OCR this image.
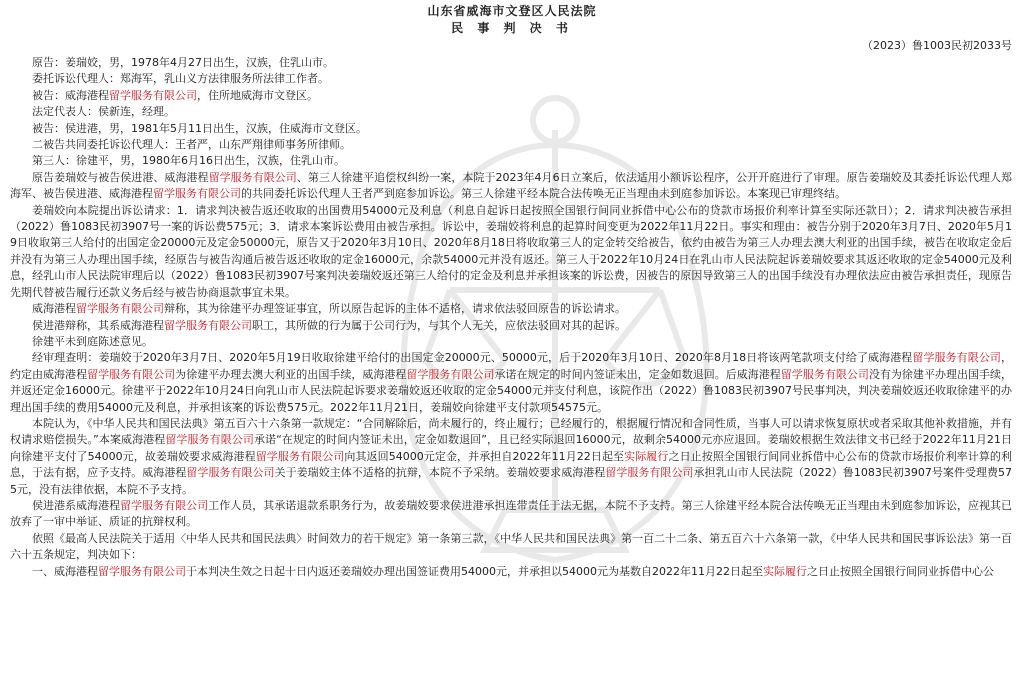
山东省威海市文登区人民法院
民 事 判 决 书
（2023）鲁1003民初2033号

原告：姜瑞姣，男，1978年4月27日出生，汉族，住乳山市。

委托诉讼代理人：郑海军，乳山义方法律服务所法律工作者。

被告：威海港程留学服务有限公司，住所地威海市文登区。

法定代表人：侯新连，经理。

被告：侯进港，男，1981年5月11日出生，汉族，住威海市文登区。

二被告共同委托诉讼代理人：王者严，山东严翔律师事务所律师。

第三人：徐建平，男，1980年6月16日出生，汉族，住乳山市。

原告姜瑞姣与被告侯进港、威海港程留学服务有限公司、第三人徐建平追偿权纠纷一案，本院于2023年4月6日立案后，依法适用小额诉讼程序，公开开庭进行了审理。原告姜瑞姣及其委托诉讼代理人郑海军、被告侯进港、威海港程留学服务有限公司的共同委托诉讼代理人王者严到庭参加诉讼。第三人徐建平经本院合法传唤无正当理由未到庭参加诉讼。本案现已审理终结。

姜瑞姣向本院提出诉讼请求：1．请求判决被告返还收取的出国费用54000元及利息（利息自起诉日起按照全国银行间同业拆借中心公布的贷款市场报价利率计算至实际还款日）；2．请求判决被告承担（2022）鲁1083民初3907号一案的诉讼费575元；3．请求本案诉讼费用由被告承担。诉讼中，姜瑞姣将利息的起算时间变更为2022年11月22日。事实和理由：被告分别于2020年3月7日、2020年5月19日收取第三人给付的出国定金20000元及定金50000元，原告又于2020年3月10日、2020年8月18日将收取第三人的定金转交给被告，依约由被告为第三人办理去澳大利亚的出国手续，被告在收取定金后并没有为第三人办理出国手续，经原告与被告沟通后被告返还收取的定金16000元，余款54000元并没有返还。第三人于2022年10月24日在乳山市人民法院起诉姜瑞姣要求其返还收取的定金54000元及利息，经乳山市人民法院审理后以（2022）鲁1083民初3907号案判决姜瑞姣返还第三人给付的定金及利息并承担该案的诉讼费，因被告的原因导致第三人的出国手续没有办理依法应由被告承担责任，现原告先期代替被告履行还款义务后经与被告协商退款事宜未果。

威海港程留学服务有限公司辩称，其为徐建平办理签证事宜，所以原告起诉的主体不适格，请求依法驳回原告的诉讼请求。

侯进港辩称，其系威海港程留学服务有限公司职工，其所做的行为属于公司行为，与其个人无关，应依法驳回对其的起诉。

徐建平未到庭陈述意见。

经审理查明：姜瑞姣于2020年3月7日、2020年5月19日收取徐建平给付的出国定金20000元、50000元，后于2020年3月10日、2020年8月18日将该两笔款项支付给了威海港程留学服务有限公司，约定由威海港程留学服务有限公司为徐建平办理去澳大利亚的出国手续，威海港程留学服务有限公司承诺在规定的时间内签证未出，定金如数退回。后威海港程留学服务有限公司没有为徐建平办理出国手续，并返还定金16000元。徐建平于2022年10月24日向乳山市人民法院起诉要求姜瑞姣返还收取的定金54000元并支付利息，该院作出（2022）鲁1083民初3907号民事判决，判决姜瑞姣返还收取徐建平的办理出国手续的费用54000元及利息，并承担该案的诉讼费575元。2022年11月21日，姜瑞姣向徐建平支付款项54575元。

本院认为，《中华人民共和国民法典》第五百六十六条第一款规定：“合同解除后，尚未履行的，终止履行；已经履行的，根据履行情况和合同性质，当事人可以请求恢复原状或者采取其他补救措施，并有权请求赔偿损失。”本案威海港程留学服务有限公司承诺“在规定的时间内签证未出，定金如数退回”，且已经实际退回16000元，故剩余54000元亦应退回。姜瑞姣根据生效法律文书已经于2022年11月21日向徐建平支付了54000元，故姜瑞姣要求威海港程留学服务有限公司向其返回54000元定金，并承担自2022年11月22日起至实际履行之日止按照全国银行间同业拆借中心公布的贷款市场报价利率计算的利息，于法有据，应予支持。威海港程留学服务有限公司关于姜瑞姣主体不适格的抗辩，本院不予采纳。姜瑞姣要求威海港程留学服务有限公司承担乳山市人民法院（2022）鲁1083民初3907号案件受理费575元，没有法律依据，本院不予支持。

侯进港系威海港程留学服务有限公司工作人员，其承诺退款系职务行为，故姜瑞姣要求侯进港承担连带责任于法无据，本院不予支持。第三人徐建平经本院合法传唤无正当理由未到庭参加诉讼，应视其已放弃了一审中举证、质证的抗辩权利。

依照《最高人民法院关于适用〈中华人民共和国民法典〉时间效力的若干规定》第一条第三款，《中华人民共和国民法典》第一百二十二条、第五百六十六条第一款，《中华人民共和国民事诉讼法》第一百六十五条规定，判决如下：

一、威海港程留学服务有限公司于本判决生效之日起十日内返还姜瑞姣办理出国签证费用54000元，并承担以54000元为基数自2022年11月22日起至实际履行之日止按照全国银行间同业拆借中心公
